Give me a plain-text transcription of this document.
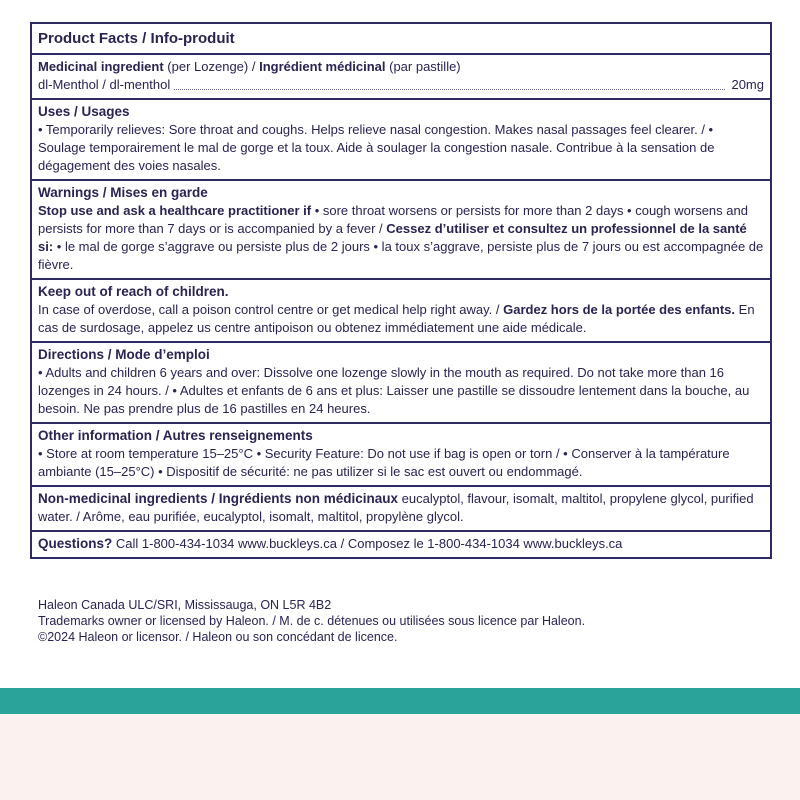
Product Facts / Info-produit
Medicinal ingredient (per Lozenge) / Ingrédient médicinal (par pastille)
dl-Menthol / dl-menthol	20mg
Uses / Usages
• Temporarily relieves: Sore throat and coughs. Helps relieve nasal congestion. Makes nasal passages feel clearer. / • Soulage temporairement le mal de gorge et la toux. Aide à soulager la congestion nasale. Contribue à la sensation de dégagement des voies nasales.
Warnings / Mises en garde
Stop use and ask a healthcare practitioner if • sore throat worsens or persists for more than 2 days • cough worsens and persists for more than 7 days or is accompanied by a fever / Cessez d’utiliser et consultez un professionnel de la santé si: • le mal de gorge s’aggrave ou persiste plus de 2 jours • la toux s’aggrave, persiste plus de 7 jours ou est accompagnée de fièvre.
Keep out of reach of children.
In case of overdose, call a poison control centre or get medical help right away. / Gardez hors de la portée des enfants. En cas de surdosage, appelez us centre antipoison ou obtenez immédiatement une aide médicale.
Directions / Mode d’emploi
• Adults and children 6 years and over: Dissolve one lozenge slowly in the mouth as required. Do not take more than 16 lozenges in 24 hours. / • Adultes et enfants de 6 ans et plus: Laisser une pastille se dissoudre lentement dans la bouche, au besoin. Ne pas prendre plus de 16 pastilles en 24 heures.
Other information / Autres renseignements
• Store at room temperature 15–25°C • Security Feature: Do not use if bag is open or torn / • Conserver à la tampérature ambiante (15–25°C) • Dispositif de sécurité: ne pas utilizer si le sac est ouvert ou endommagé.
Non-medicinal ingredients / Ingrédients non médicinaux eucalyptol, flavour, isomalt, maltitol, propylene glycol, purified water. / Arôme, eau purifiée, eucalyptol, isomalt, maltitol, propylène glycol.
Questions? Call 1-800-434-1034 www.buckleys.ca / Composez le 1-800-434-1034 www.buckleys.ca
Haleon Canada ULC/SRI, Mississauga, ON L5R 4B2
Trademarks owner or licensed by Haleon. / M. de c. détenues ou utilisées sous licence par Haleon.
©2024 Haleon or licensor. / Haleon ou son concédant de licence.
